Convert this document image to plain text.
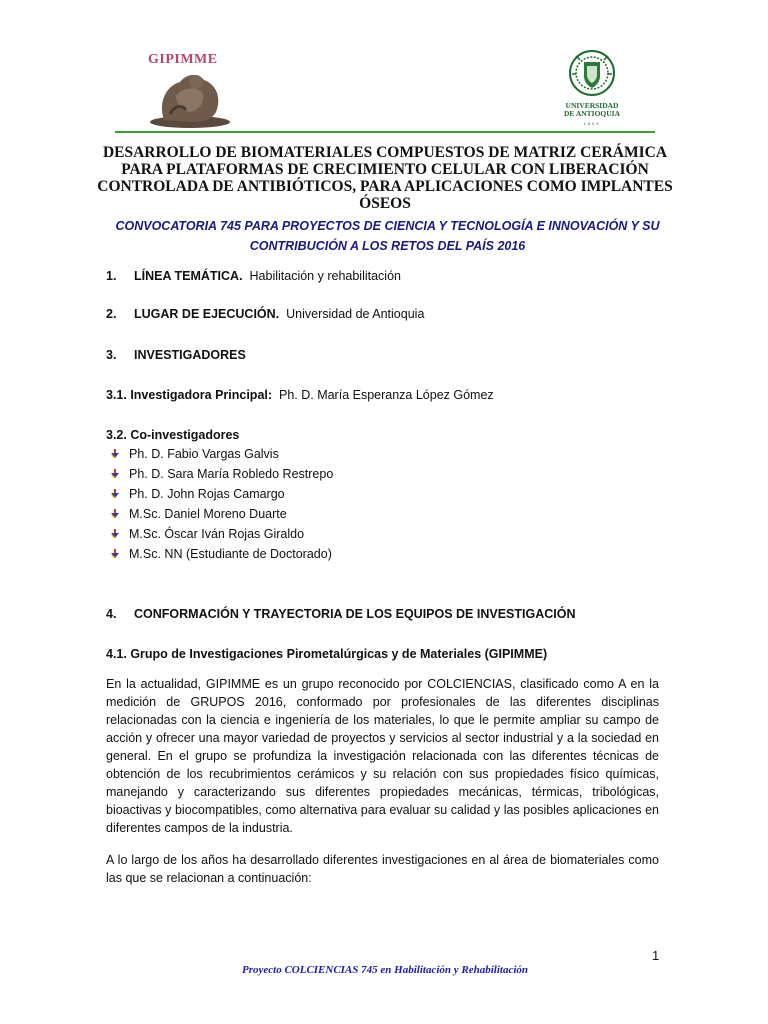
GIPIMME
UNIVERSIDAD
DE ANTIOQUIA
1803
DESARROLLO DE BIOMATERIALES COMPUESTOS DE MATRIZ CERÁMICA PARA PLATAFORMAS DE CRECIMIENTO CELULAR CON LIBERACIÓN CONTROLADA DE ANTIBIÓTICOS, PARA APLICACIONES COMO IMPLANTES ÓSEOS
CONVOCATORIA 745 PARA PROYECTOS DE CIENCIA Y TECNOLOGÍA E INNOVACIÓN Y SU CONTRIBUCIÓN A LOS RETOS DEL PAÍS 2016
1. LÍNEA TEMÁTICA. Habilitación y rehabilitación
2. LUGAR DE EJECUCIÓN. Universidad de Antioquia
3. INVESTIGADORES
3.1. Investigadora Principal: Ph. D. María Esperanza López Gómez
3.2. Co-investigadores
Ph. D. Fabio Vargas Galvis
Ph. D. Sara María Robledo Restrepo
Ph. D. John Rojas Camargo
M.Sc. Daniel Moreno Duarte
M.Sc. Óscar Iván Rojas Giraldo
M.Sc. NN (Estudiante de Doctorado)
4. CONFORMACIÓN Y TRAYECTORIA DE LOS EQUIPOS DE INVESTIGACIÓN
4.1. Grupo de Investigaciones Pirometalúrgicas y de Materiales (GIPIMME)
En la actualidad, GIPIMME es un grupo reconocido por COLCIENCIAS, clasificado como A en la medición de GRUPOS 2016, conformado por profesionales de las diferentes disciplinas relacionadas con la ciencia e ingeniería de los materiales, lo que le permite ampliar su campo de acción y ofrecer una mayor variedad de proyectos y servicios al sector industrial y a la sociedad en general. En el grupo se profundiza la investigación relacionada con las diferentes técnicas de obtención de los recubrimientos cerámicos y su relación con sus propiedades físico químicas, manejando y caracterizando sus diferentes propiedades mecánicas, térmicas, tribológicas, bioactivas y biocompatibles, como alternativa para evaluar su calidad y las posibles aplicaciones en diferentes campos de la industria.
A lo largo de los años ha desarrollado diferentes investigaciones en al área de biomateriales como las que se relacionan a continuación:
1
Proyecto COLCIENCIAS 745 en Habilitación y Rehabilitación
